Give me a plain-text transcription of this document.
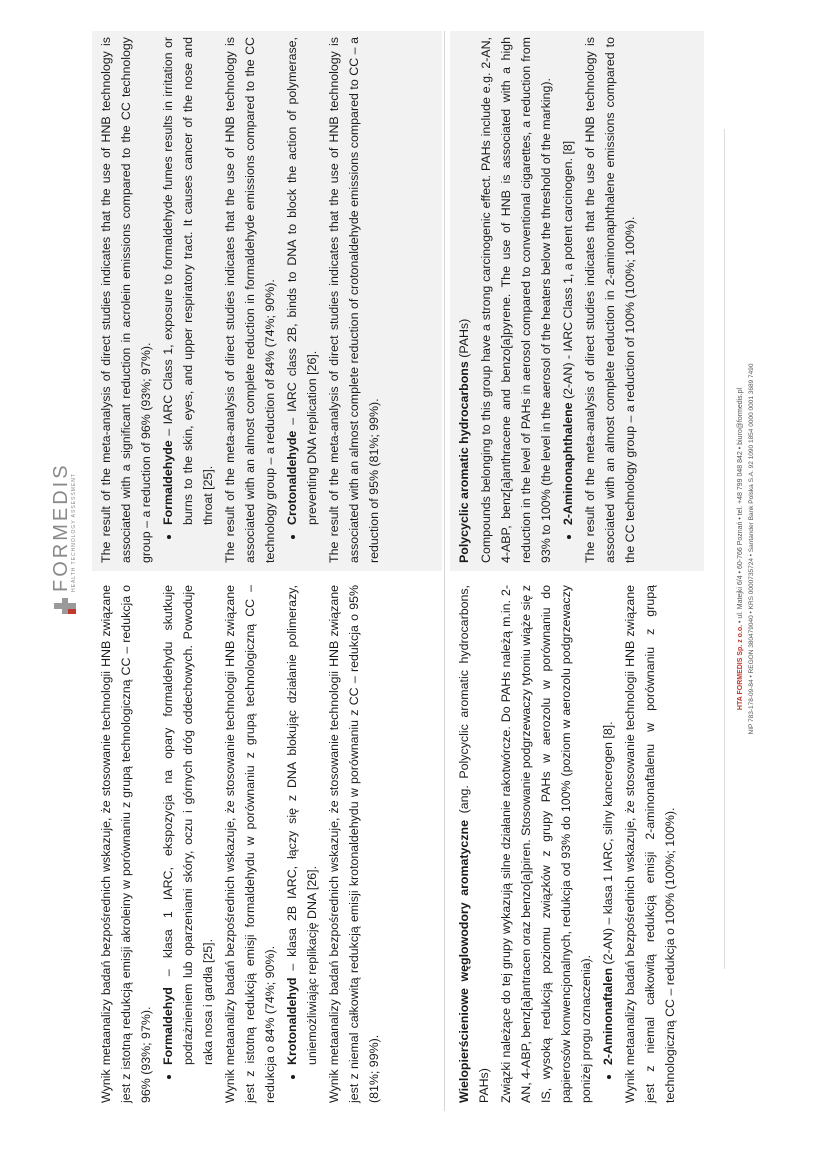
FORMEDIS HEALTH TECHNOLOGY ASSESSMENT

Wynik metaanalizy badań bezpośrednich wskazuje, że stosowanie technologii HNB związane jest z istotną redukcją emisji akroleiny w porównaniu z grupą technologiczną CC – redukcja o 96% (93%; 97%). • Formaldehyd – klasa 1 IARC, ekspozycja na opary formaldehydu skutkuje podrażnieniem lub oparzeniami skóry, oczu i górnych dróg oddechowych. Powoduje raka nosa i gardła [25]. Wynik metaanalizy badań bezpośrednich wskazuje, że stosowanie technologii HNB związane jest z istotną redukcją emisji formaldehydu w porównaniu z grupą technologiczną CC – redukcja o 84% (74%; 90%). • Krotonaldehyd – klasa 2B IARC, łączy się z DNA blokując działanie polimerazy, uniemożliwiając replikację DNA [26]. Wynik metaanalizy badań bezpośrednich wskazuje, że stosowanie technologii HNB związane jest z niemal całkowitą redukcją emisji krotonaldehydu w porównaniu z CC – redukcja o 95% (81%; 99%).

The result of the meta-analysis of direct studies indicates that the use of HNB technology is associated with a significant reduction in acrolein emissions compared to the CC technology group – a reduction of 96% (93%; 97%). • Formaldehyde – IARC Class 1, exposure to formaldehyde fumes results in irritation or burns to the skin, eyes, and upper respiratory tract. It causes cancer of the nose and throat [25]. The result of the meta-analysis of direct studies indicates that the use of HNB technology is associated with an almost complete reduction in formaldehyde emissions compared to the CC technology group – a reduction of 84% (74%; 90%). • Crotonaldehyde – IARC class 2B, binds to DNA to block the action of polymerase, preventing DNA replication [26]. The result of the meta-analysis of direct studies indicates that the use of HNB technology is associated with an almost complete reduction of crotonaldehyde emissions compared to CC – a reduction of 95% (81%; 99%).

Wielopierścieniowe węglowodory aromatyczne (ang. Polycyclic aromatic hydrocarbons, PAHs) Związki należące do tej grupy wykazują silne działanie rakotwórcze. Do PAHs należą m.in. 2-AN, 4-ABP, benz[a]antracen oraz benzo[a]piren. Stosowanie podgrzewaczy tytoniu wiąże się z IS, wysoką redukcją poziomu związków z grupy PAHs w aerozolu w porównaniu do papierosów konwencjonalnych, redukcja od 93% do 100% (poziom w aerozolu podgrzewaczy poniżej progu oznaczenia). • 2-Aminonaftalen (2-AN) – klasa 1 IARC, silny kancerogen [8]. Wynik metaanalizy badań bezpośrednich wskazuje, że stosowanie technologii HNB związane jest z niemal całkowitą redukcją emisji 2-aminonaftalenu w porównaniu z grupą technologiczną CC – redukcja o 100% (100%; 100%).

Polycyclic aromatic hydrocarbons (PAHs) Compounds belonging to this group have a strong carcinogenic effect. PAHs include e.g. 2-AN, 4-ABP, benz[a]anthracene and benzo[a]pyrene. The use of HNB is associated with a high reduction in the level of PAHs in aerosol compared to conventional cigarettes, a reduction from 93% to 100% (the level in the aerosol of the heaters below the threshold of the marking). • 2-Aminonaphthalene (2-AN) - IARC Class 1, a potent carcinogen. [8] The result of the meta-analysis of direct studies indicates that the use of HNB technology is associated with an almost complete reduction in 2-aminonaphthalene emissions compared to the CC technology group – a reduction of 100% (100%; 100%).

HTA FORMEDIS Sp. z o.o. • ul. Matejki 6/4 • 60-766 Poznań • tel. +48 799 048 842 • biuro@formedis.pl NIP 783-178-09-84 • REGON 380479040 • KRS 0000735724 • Santander Bank Polska S.A. 92 1090 1854 0000 0001 3689 7490
